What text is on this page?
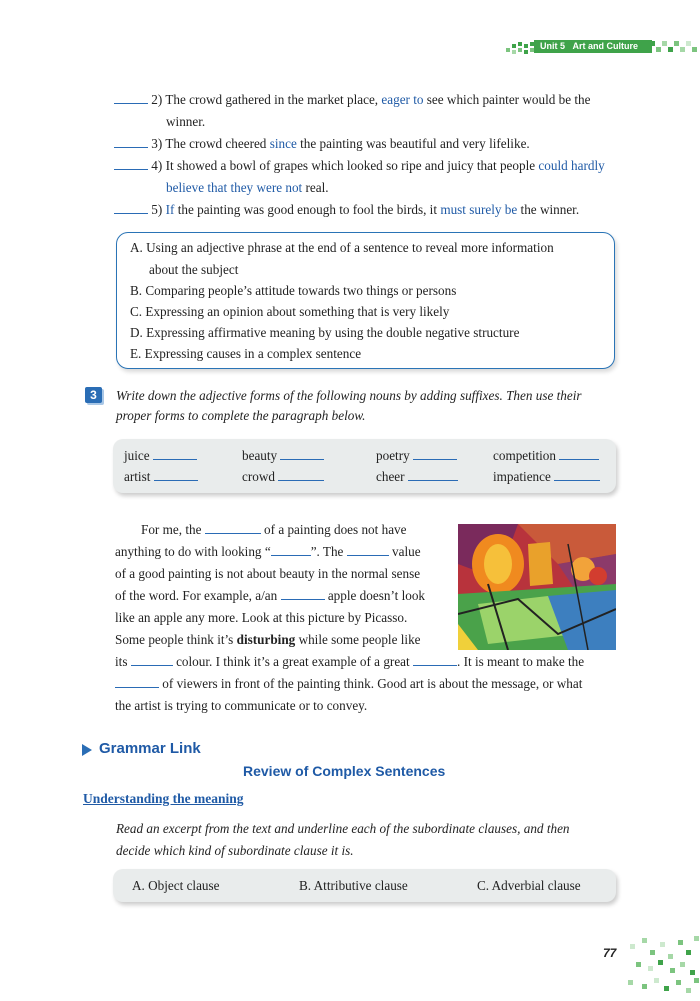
Unit 5 Art and Culture
2) The crowd gathered in the market place, eager to see which painter would be the
winner.
3) The crowd cheered since the painting was beautiful and very lifelike.
4) It showed a bowl of grapes which looked so ripe and juicy that people could hardly
believe that they were not real.
5) If the painting was good enough to fool the birds, it must surely be the winner.
A. Using an adjective phrase at the end of a sentence to reveal more information
about the subject
B. Comparing people’s attitude towards two things or persons
C. Expressing an opinion about something that is very likely
D. Expressing affirmative meaning by using the double negative structure
E. Expressing causes in a complex sentence
3	Write down the adjective forms of the following nouns by adding suffixes. Then use their
proper forms to complete the paragraph below.
juice	beauty	poetry	competition
artist	crowd	cheer	impatience
For me, the	of a painting does not have
anything to do with looking “	”. The	value
of a good painting is not about beauty in the normal sense
of the word. For example, a/an	apple doesn’t look
like an apple any more. Look at this picture by Picasso.
Some people think it’s disturbing while some people like
its	colour. I think it’s a great example of a great	. It is meant to make the
of viewers in front of the painting think. Good art is about the message, or what
the artist is trying to communicate or to convey.
Grammar Link
Review of Complex Sentences
Understanding the meaning
Read an excerpt from the text and underline each of the subordinate clauses, and then
decide which kind of subordinate clause it is.
A. Object clause	B. Attributive clause	C. Adverbial clause
77
